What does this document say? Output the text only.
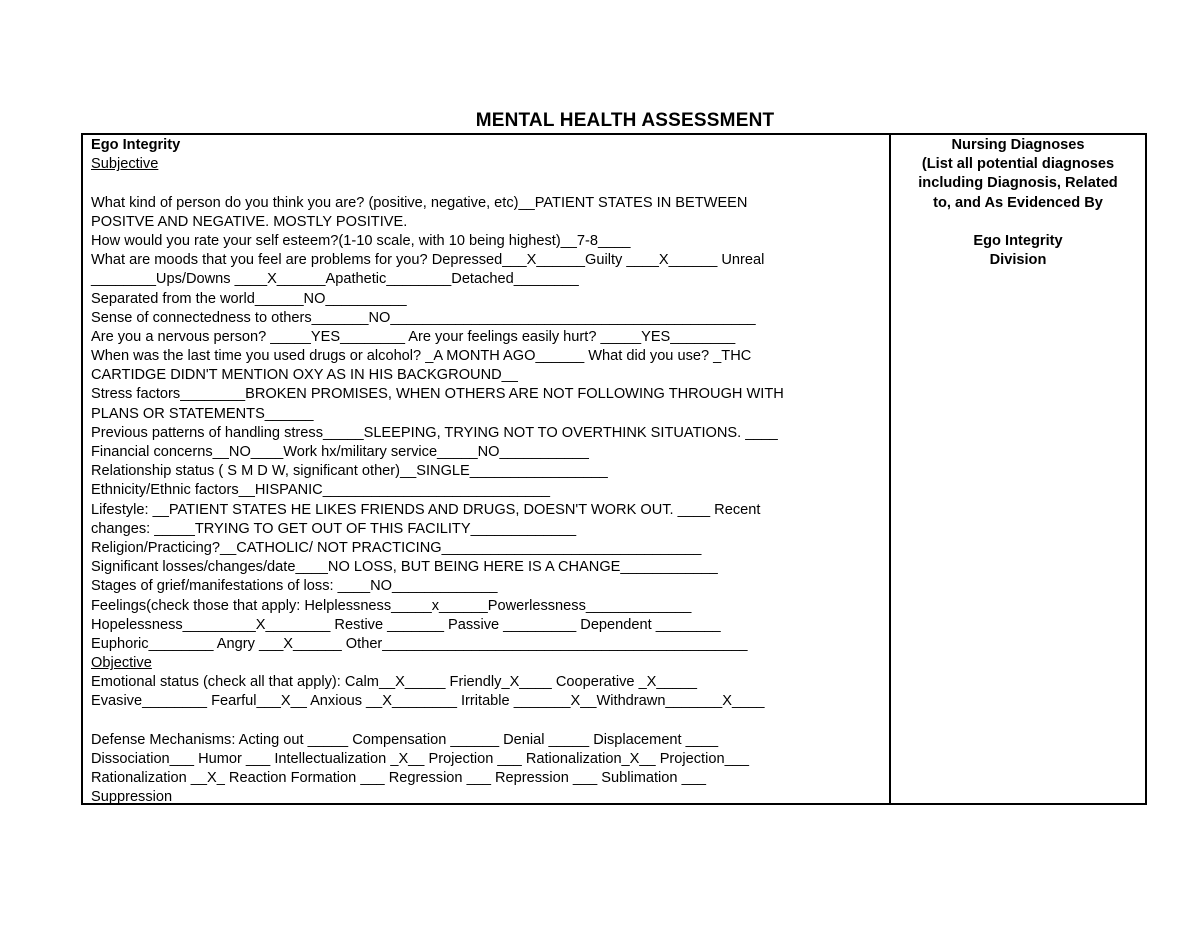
MENTAL HEALTH ASSESSMENT
Ego Integrity
Subjective
What kind of person do you think you are? (positive, negative, etc)__PATIENT STATES IN BETWEEN
POSITVE AND NEGATIVE. MOSTLY POSITIVE.
How would you rate your self esteem?(1-10 scale, with 10 being highest)__7-8____
What are moods that you feel are problems for you? Depressed___X______Guilty ____X______ Unreal
________Ups/Downs ____X______Apathetic________Detached________
Separated from the world______NO__________
Sense of connectedness to others_______NO_____________________________________________
Are you a nervous person? _____YES________ Are your feelings easily hurt? _____YES________
When was the last time you used drugs or alcohol? _A MONTH AGO______ What did you use? _THC
CARTIDGE DIDN'T MENTION OXY AS IN HIS BACKGROUND__
Stress factors________BROKEN PROMISES, WHEN OTHERS ARE NOT FOLLOWING THROUGH WITH
PLANS OR STATEMENTS______
Previous patterns of handling stress_____SLEEPING, TRYING NOT TO OVERTHINK SITUATIONS. ____
Financial concerns__NO____Work hx/military service_____NO___________
Relationship status ( S M D W, significant other)__SINGLE_________________
Ethnicity/Ethnic factors__HISPANIC____________________________
Lifestyle: __PATIENT STATES HE LIKES FRIENDS AND DRUGS, DOESN'T WORK OUT. ____ Recent
changes: _____TRYING TO GET OUT OF THIS FACILITY_____________
Religion/Practicing?__CATHOLIC/ NOT PRACTICING________________________________
Significant losses/changes/date____NO LOSS, BUT BEING HERE IS A CHANGE____________
Stages of grief/manifestations of loss: ____NO_____________
Feelings(check those that apply: Helplessness_____x______Powerlessness_____________
Hopelessness_________X________ Restive _______ Passive _________ Dependent ________
Euphoric________ Angry ___X______ Other_____________________________________________
Objective
Emotional status (check all that apply): Calm__X_____ Friendly_X____ Cooperative _X_____
Evasive________ Fearful___X__ Anxious __X________ Irritable _______X__Withdrawn_______X____
Defense Mechanisms: Acting out _____ Compensation ______ Denial _____ Displacement ____
Dissociation___ Humor ___ Intellectualization _X__ Projection ___ Rationalization_X__ Projection___
Rationalization __X_ Reaction Formation ___ Regression ___ Repression ___ Sublimation ___
Suppression ___
Nursing Diagnoses
(List all potential diagnoses
including Diagnosis, Related
to, and As Evidenced By
Ego Integrity
Division
